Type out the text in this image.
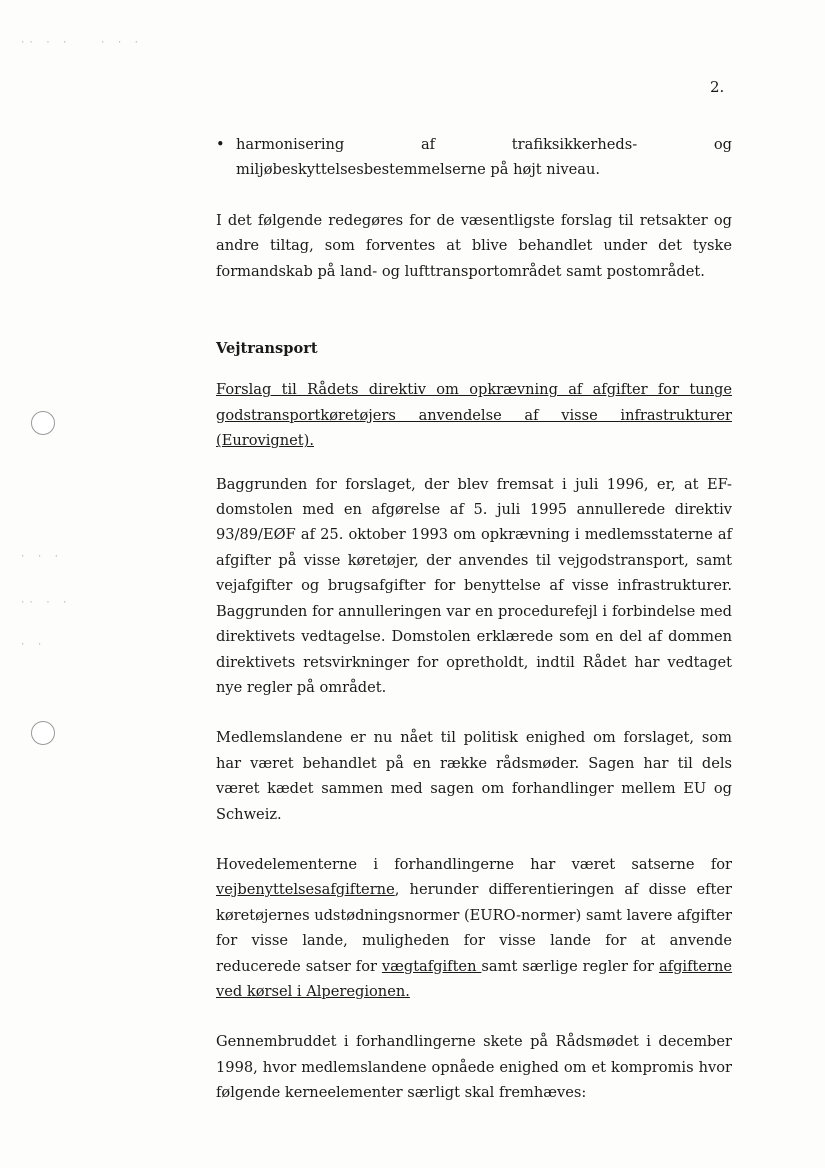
·· · ·	· · ·
· · ·
·· · ·
· ·
2.
• harmonisering af trafiksikkerheds- og miljøbeskyttelsesbestemmelserne på højt niveau.

I det følgende redegøres for de væsentligste forslag til retsakter og andre tiltag, som forventes at blive behandlet under det tyske formandskab på land- og lufttransportområdet samt postområdet.

Vejtransport
Forslag til Rådets direktiv om opkrævning af afgifter for tunge godstransportkøretøjers anvendelse af visse infrastrukturer (Eurovignet).

Baggrunden for forslaget, der blev fremsat i juli 1996, er, at EF-domstolen med en afgørelse af 5. juli 1995 annullerede direktiv 93/89/EØF af 25. oktober 1993 om opkrævning i medlemsstaterne af afgifter på visse køretøjer, der anvendes til vejgodstransport, samt vejafgifter og brugsafgifter for benyttelse af visse infrastrukturer. Baggrunden for annulleringen var en procedurefejl i forbindelse med direktivets vedtagelse. Domstolen erklærede som en del af dommen direktivets retsvirkninger for opretholdt, indtil Rådet har vedtaget nye regler på området.

Medlemslandene er nu nået til politisk enighed om forslaget, som har været behandlet på en række rådsmøder. Sagen har til dels været kædet sammen med sagen om forhandlinger mellem EU og Schweiz.

Hovedelementerne i forhandlingerne har været satserne for vejbenyttelsesafgifterne, herunder differentieringen af disse efter køretøjernes udstødningsnormer (EURO-normer) samt lavere afgifter for visse lande, muligheden for visse lande for at anvende reducerede satser for vægtafgiften samt særlige regler for afgifterne ved kørsel i Alperegionen.

Gennembruddet i forhandlingerne skete på Rådsmødet i december 1998, hvor medlemslandene opnåede enighed om et kompromis hvor følgende kerneelementer særligt skal fremhæves:
